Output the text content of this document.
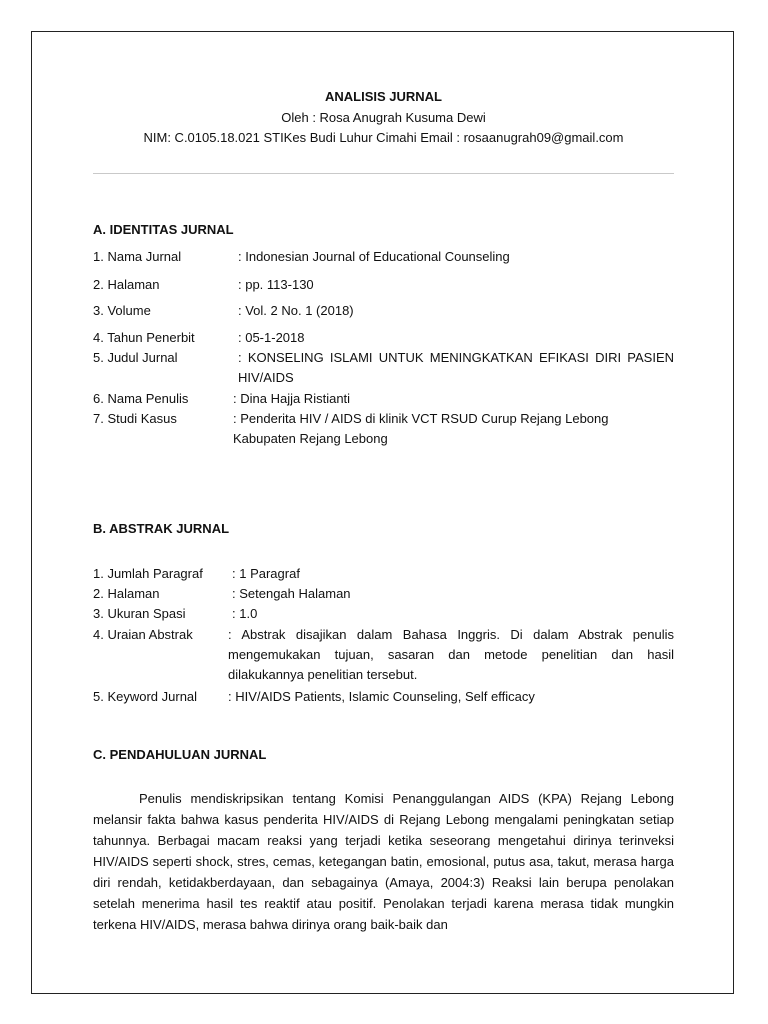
ANALISIS JURNAL
Oleh : Rosa Anugrah Kusuma Dewi
NIM: C.0105.18.021 STIKes Budi Luhur Cimahi Email : rosaanugrah09@gmail.com
A. IDENTITAS JURNAL
1. Nama Jurnal	: Indonesian Journal of Educational Counseling
2. Halaman	: pp. 113-130
3. Volume	: Vol. 2 No. 1 (2018)
4. Tahun Penerbit	: 05-1-2018
5. Judul Jurnal	: KONSELING ISLAMI UNTUK MENINGKATKAN EFIKASI DIRI PASIEN HIV/AIDS
6. Nama Penulis	: Dina Hajja Ristianti
7. Studi Kasus	: Penderita HIV / AIDS di klinik VCT RSUD Curup Rejang Lebong Kabupaten Rejang Lebong
B. ABSTRAK JURNAL
1. Jumlah Paragraf : 1 Paragraf
2. Halaman	: Setengah Halaman
3. Ukuran Spasi	: 1.0
4. Uraian Abstrak	: Abstrak disajikan dalam Bahasa Inggris. Di dalam Abstrak penulis mengemukakan tujuan, sasaran dan metode penelitian dan hasil dilakukannya penelitian tersebut.
5. Keyword Jurnal : HIV/AIDS Patients, Islamic Counseling, Self efficacy
C. PENDAHULUAN JURNAL
Penulis mendiskripsikan tentang Komisi Penanggulangan AIDS (KPA) Rejang Lebong melansir fakta bahwa kasus penderita HIV/AIDS di Rejang Lebong mengalami peningkatan setiap tahunnya. Berbagai macam reaksi yang terjadi ketika seseorang mengetahui dirinya terinveksi HIV/AIDS seperti shock, stres, cemas, ketegangan batin, emosional, putus asa, takut, merasa harga diri rendah, ketidakberdayaan, dan sebagainya (Amaya, 2004:3) Reaksi lain berupa penolakan setelah menerima hasil tes reaktif atau positif. Penolakan terjadi karena merasa tidak mungkin terkena HIV/AIDS, merasa bahwa dirinya orang baik-baik dan
